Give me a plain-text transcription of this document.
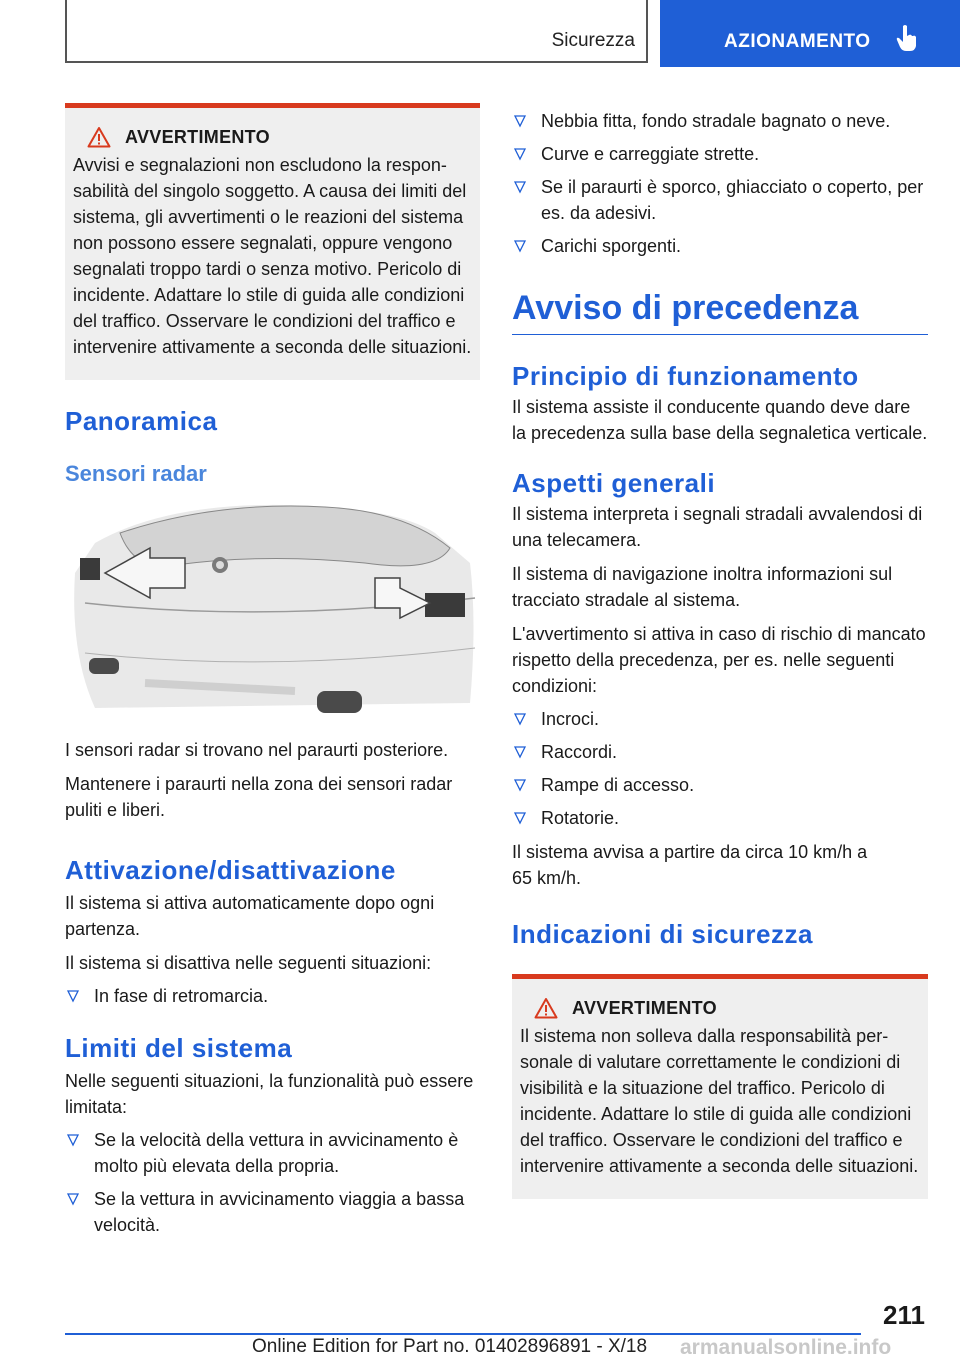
Sicurezza	AZIONAMENTO
AVVERTIMENTO
Avvisi e segnalazioni non escludono la responsabilità del singolo soggetto. A causa dei limiti del sistema, gli avvertimenti o le reazioni del sistema non possono essere segnalati, oppure vengono segnalati troppo tardi o senza motivo. Pericolo di incidente. Adattare lo stile di guida alle condizioni del traffico. Osservare le condizioni del traffico e intervenire attivamente a seconda delle situazioni.
Panoramica
Sensori radar

I sensori radar si trovano nel paraurti posteriore.

Mantenere i paraurti nella zona dei sensori radar puliti e liberi.

Attivazione/disattivazione

Il sistema si attiva automaticamente dopo ogni partenza.

Il sistema si disattiva nelle seguenti situazioni:

In fase di retromarcia.
Limiti del sistema

Nelle seguenti situazioni, la funzionalità può essere limitata:

Se la velocità della vettura in avvicinamento è molto più elevata della propria.
Se la vettura in avvicinamento viaggia a bassa velocità.
Nebbia fitta, fondo stradale bagnato o neve.
Curve e carreggiate strette.
Se il paraurti è sporco, ghiacciato o coperto, per es. da adesivi.
Carichi sporgenti.
Avviso di precedenza
Principio di funzionamento

Il sistema assiste il conducente quando deve dare la precedenza sulla base della segnaletica verticale.

Aspetti generali

Il sistema interpreta i segnali stradali avvalendosi di una telecamera.

Il sistema di navigazione inoltra informazioni sul tracciato stradale al sistema.

L'avvertimento si attiva in caso di rischio di mancato rispetto della precedenza, per es. nelle seguenti condizioni:

Incroci.
Raccordi.
Rampe di accesso.
Rotatorie.

Il sistema avvisa a partire da circa 10 km/h a 65 km/h.

Indicazioni di sicurezza
AVVERTIMENTO
Il sistema non solleva dalla responsabilità personale di valutare correttamente le condizioni di visibilità e la situazione del traffico. Pericolo di incidente. Adattare lo stile di guida alle condizioni del traffico. Osservare le condizioni del traffico e intervenire attivamente a seconda delle situazioni.
211
Online Edition for Part no. 01402896891 - X/18 armanualsonline.info
